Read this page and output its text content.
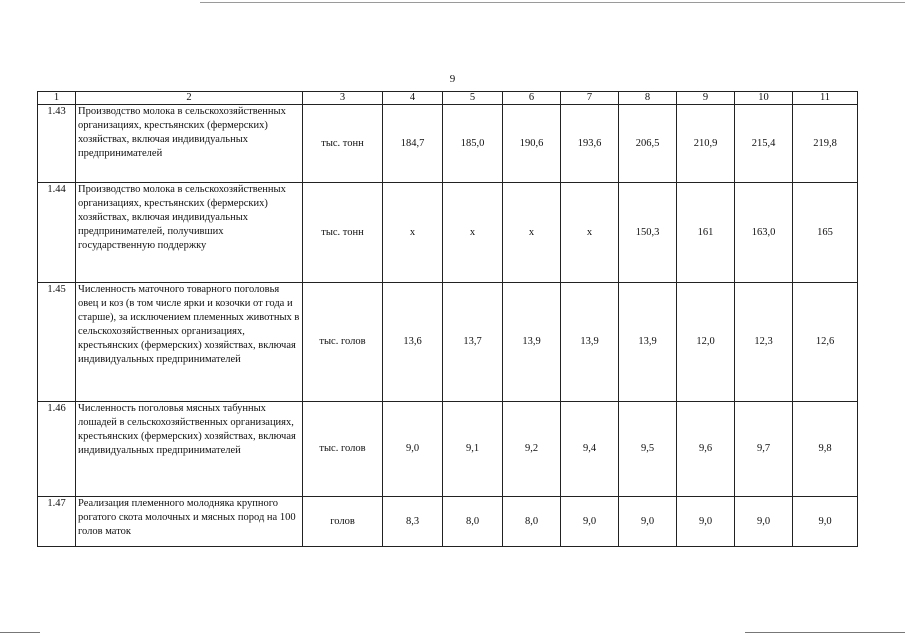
9
1	2	3	4	5	6	7	8	9	10	11
1.43	Производство молока в сельскохозяйственных организациях, крестьянских (фермерских) хозяйствах, включая индивидуальных предпринимателей	тыс. тонн	184,7	185,0	190,6	193,6	206,5	210,9	215,4	219,8
1.44	Производство молока в сельскохозяйственных организациях, крестьянских (фермерских) хозяйствах, включая индивидуальных предпринимателей, получивших государственную поддержку	тыс. тонн	х	х	х	х	150,3	161	163,0	165
1.45	Численность маточного товарного поголовья овец и коз (в том числе ярки и козочки от года и старше), за исключением племенных животных в сельскохозяйственных организациях, крестьянских (фермерских) хозяйствах, включая индивидуальных предпринимателей	тыс. голов	13,6	13,7	13,9	13,9	13,9	12,0	12,3	12,6
1.46	Численность поголовья мясных табунных лошадей в сельскохозяйственных организациях, крестьянских (фермерских) хозяйствах, включая индивидуальных предпринимателей	тыс. голов	9,0	9,1	9,2	9,4	9,5	9,6	9,7	9,8
1.47	Реализация племенного молодняка крупного рогатого скота молочных и мясных пород на 100 голов маток	голов	8,3	8,0	8,0	9,0	9,0	9,0	9,0	9,0
